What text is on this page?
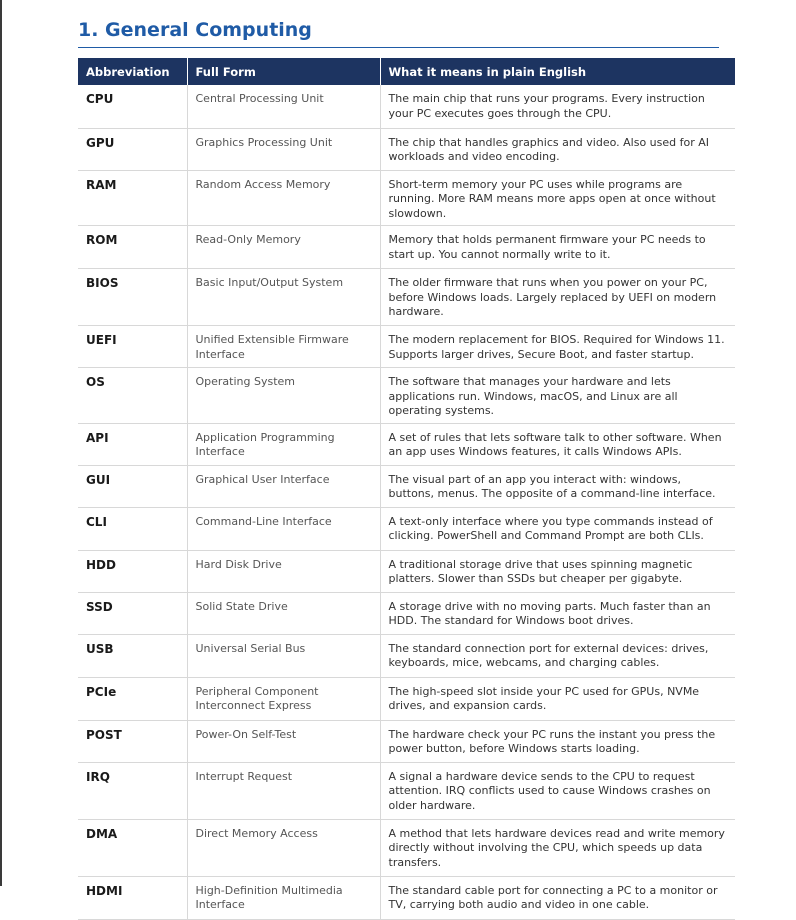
1. General Computing
Abbreviation	Full Form	What it means in plain English
CPU	Central Processing Unit	The main chip that runs your programs. Every instruction your PC executes goes through the CPU.
GPU	Graphics Processing Unit	The chip that handles graphics and video. Also used for AI workloads and video encoding.
RAM	Random Access Memory	Short-term memory your PC uses while programs are running. More RAM means more apps open at once without slowdown.
ROM	Read-Only Memory	Memory that holds permanent firmware your PC needs to start up. You cannot normally write to it.
BIOS	Basic Input/Output System	The older firmware that runs when you power on your PC, before Windows loads. Largely replaced by UEFI on modern hardware.
UEFI	Unified Extensible Firmware Interface	The modern replacement for BIOS. Required for Windows 11. Supports larger drives, Secure Boot, and faster startup.
OS	Operating System	The software that manages your hardware and lets applications run. Windows, macOS, and Linux are all operating systems.
API	Application Programming Interface	A set of rules that lets software talk to other software. When an app uses Windows features, it calls Windows APIs.
GUI	Graphical User Interface	The visual part of an app you interact with: windows, buttons, menus. The opposite of a command-line interface.
CLI	Command-Line Interface	A text-only interface where you type commands instead of clicking. PowerShell and Command Prompt are both CLIs.
HDD	Hard Disk Drive	A traditional storage drive that uses spinning magnetic platters. Slower than SSDs but cheaper per gigabyte.
SSD	Solid State Drive	A storage drive with no moving parts. Much faster than an HDD. The standard for Windows boot drives.
USB	Universal Serial Bus	The standard connection port for external devices: drives, keyboards, mice, webcams, and charging cables.
PCIe	Peripheral Component Interconnect Express	The high-speed slot inside your PC used for GPUs, NVMe drives, and expansion cards.
POST	Power-On Self-Test	The hardware check your PC runs the instant you press the power button, before Windows starts loading.
IRQ	Interrupt Request	A signal a hardware device sends to the CPU to request attention. IRQ conflicts used to cause Windows crashes on older hardware.
DMA	Direct Memory Access	A method that lets hardware devices read and write memory directly without involving the CPU, which speeds up data transfers.
HDMI	High-Definition Multimedia Interface	The standard cable port for connecting a PC to a monitor or TV, carrying both audio and video in one cable.
